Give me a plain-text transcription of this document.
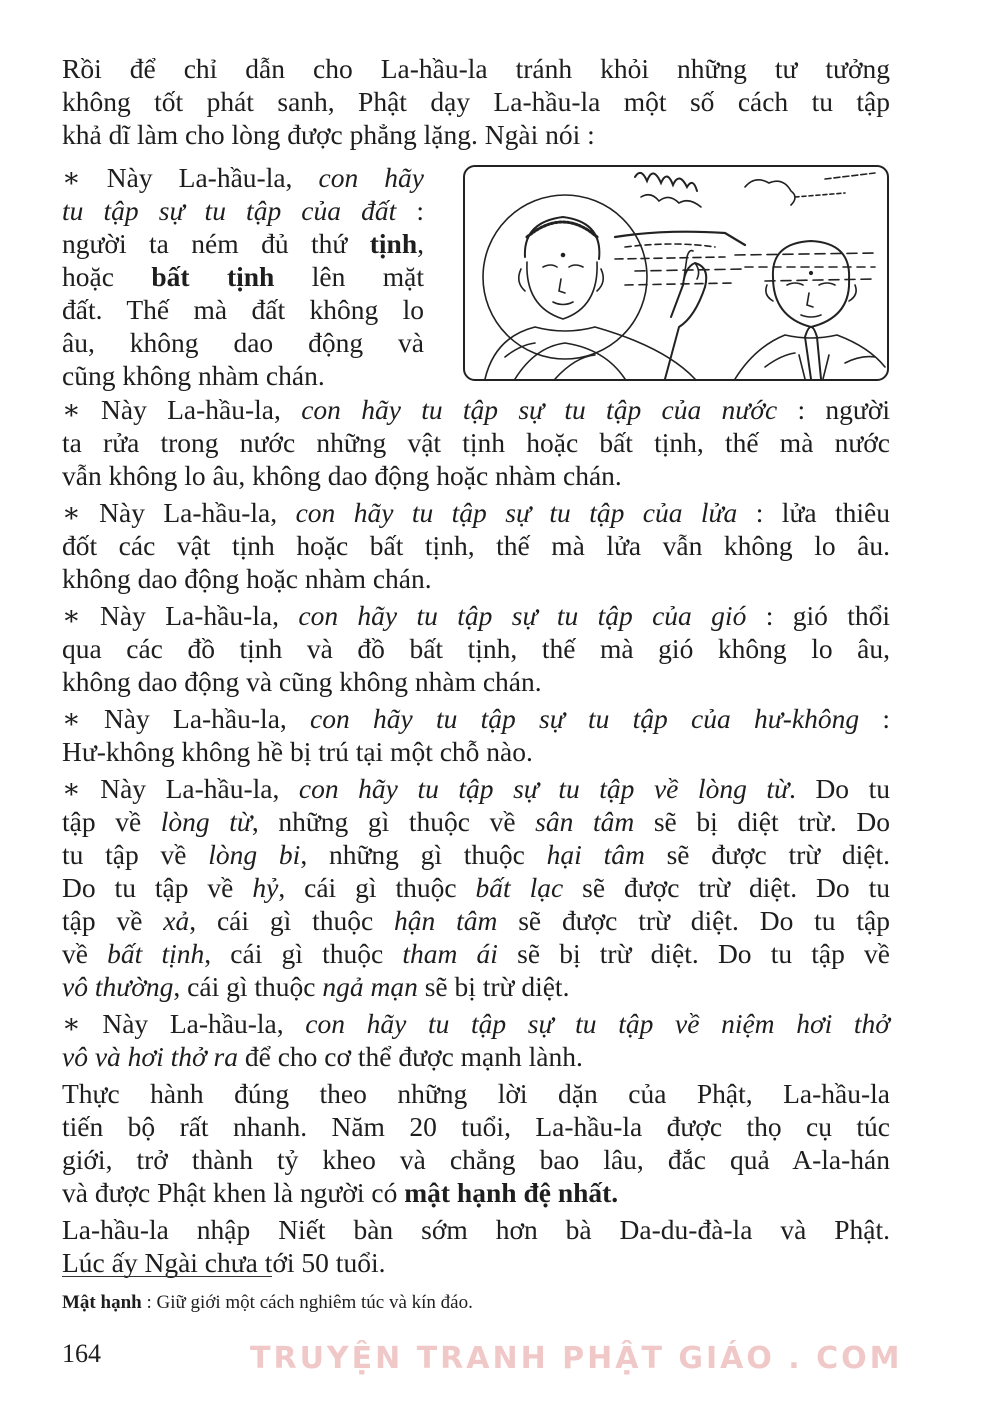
Rồi để chỉ dẫn cho La-hầu-la tránh khỏi những tư tưởng
không tốt phát sanh, Phật dạy La-hầu-la một số cách tu tập
khả dĩ làm cho lòng được phẳng lặng. Ngài nói :
∗ Này La-hầu-la, con hãy
tu tập sự tu tập của đất :
người ta ném đủ thứ tịnh,
hoặc bất tịnh lên mặt
đất. Thế mà đất không lo
âu, không dao động và
cũng không nhàm chán.
∗ Này La-hầu-la, con hãy tu tập sự tu tập của nước : người
ta rửa trong nước những vật tịnh hoặc bất tịnh, thế mà nước
vẫn không lo âu, không dao động hoặc nhàm chán.
∗ Này La-hầu-la, con hãy tu tập sự tu tập của lửa : lửa thiêu
đốt các vật tịnh hoặc bất tịnh, thế mà lửa vẫn không lo âu.
không dao động hoặc nhàm chán.
∗ Này La-hầu-la, con hãy tu tập sự tu tập của gió : gió thổi
qua các đồ tịnh và đồ bất tịnh, thế mà gió không lo âu,
không dao động và cũng không nhàm chán.
∗ Này La-hầu-la, con hãy tu tập sự tu tập của hư-không :
Hư-không không hề bị trú tại một chỗ nào.
∗ Này La-hầu-la, con hãy tu tập sự tu tập về lòng từ. Do tu
tập về lòng từ, những gì thuộc về sân tâm sẽ bị diệt trừ. Do
tu tập về lòng bi, những gì thuộc hại tâm sẽ được trừ diệt.
Do tu tập về hỷ, cái gì thuộc bất lạc sẽ được trừ diệt. Do tu
tập về xả, cái gì thuộc hận tâm sẽ được trừ diệt. Do tu tập
về bất tịnh, cái gì thuộc tham ái sẽ bị trừ diệt. Do tu tập về
vô thường, cái gì thuộc ngả mạn sẽ bị trừ diệt.
∗ Này La-hầu-la, con hãy tu tập sự tu tập về niệm hơi thở
vô và hơi thở ra để cho cơ thể được mạnh lành.
Thực hành đúng theo những lời dặn của Phật, La-hầu-la
tiến bộ rất nhanh. Năm 20 tuổi, La-hầu-la được thọ cụ túc
giới, trở thành tỷ kheo và chẳng bao lâu, đắc quả A-la-hán
và được Phật khen là người có mật hạnh đệ nhất.
La-hầu-la nhập Niết bàn sớm hơn bà Da-du-đà-la và Phật.
Lúc ấy Ngài chưa tới 50 tuổi.
Mật hạnh : Giữ giới một cách nghiêm túc và kín đáo.
164	TRUYỆN TRANH PHẬT GIÁO . COM
